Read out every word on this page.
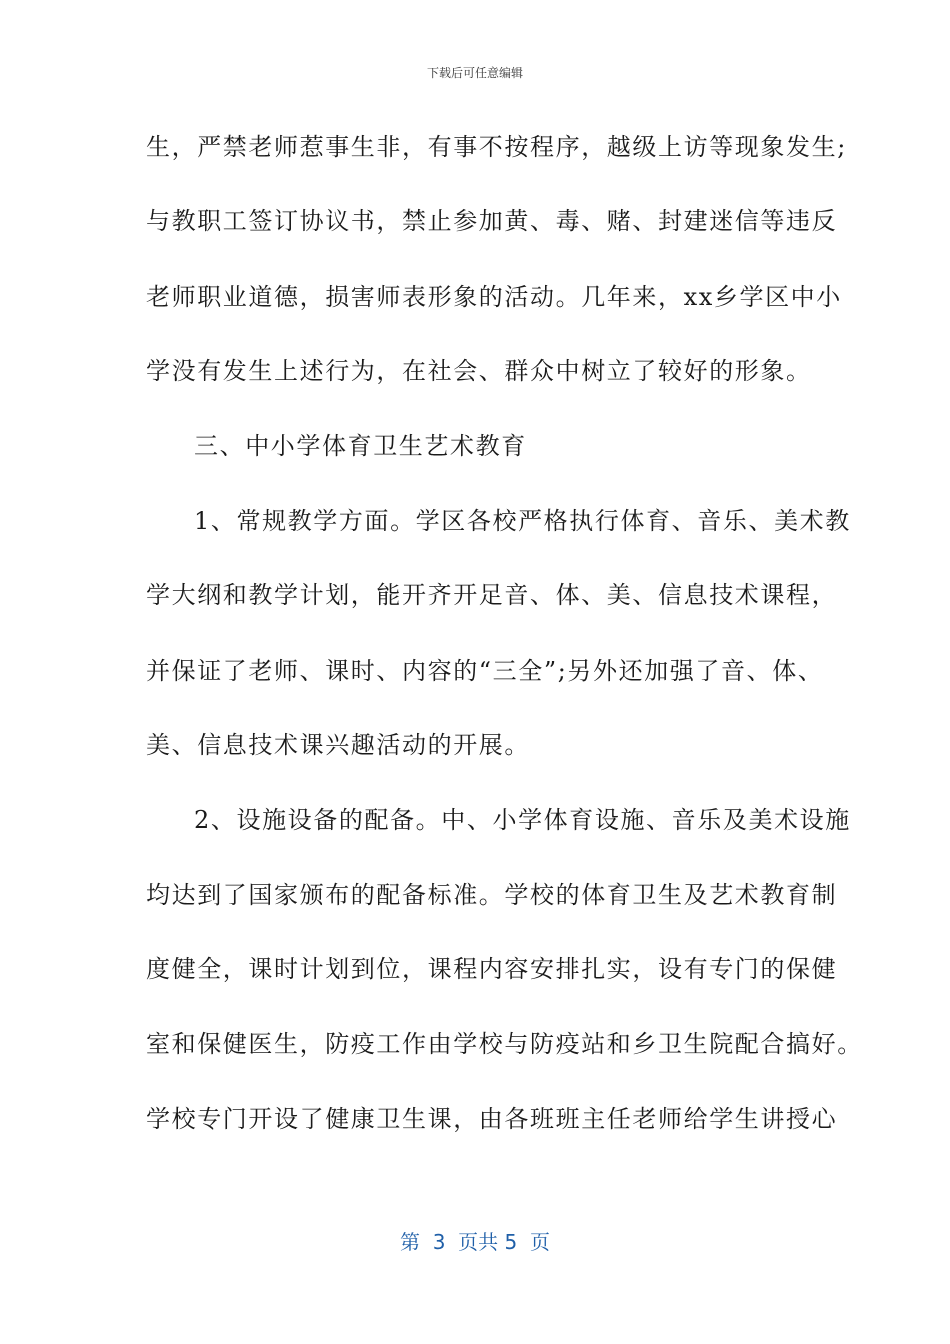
下载后可任意编辑
生，严禁老师惹事生非，有事不按程序，越级上访等现象发生;
与教职工签订协议书，禁止参加黄、毒、赌、封建迷信等违反
老师职业道德，损害师表形象的活动。几年来，xx乡学区中小
学没有发生上述行为，在社会、群众中树立了较好的形象。
三、中小学体育卫生艺术教育
1、常规教学方面。学区各校严格执行体育、音乐、美术教
学大纲和教学计划，能开齐开足音、体、美、信息技术课程，
并保证了老师、课时、内容的“三全”;另外还加强了音、体、
美、信息技术课兴趣活动的开展。
2、设施设备的配备。中、小学体育设施、音乐及美术设施
均达到了国家颁布的配备标准。学校的体育卫生及艺术教育制
度健全，课时计划到位，课程内容安排扎实，设有专门的保健
室和保健医生，防疫工作由学校与防疫站和乡卫生院配合搞好。
学校专门开设了健康卫生课，由各班班主任老师给学生讲授心
第  3  页共 5  页
